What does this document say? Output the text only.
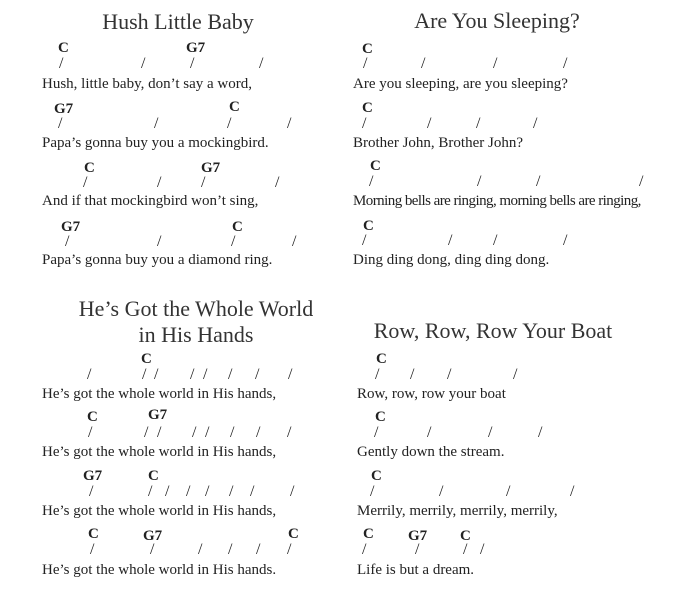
Hush Little Baby
C	G7
/	/	/	/
Hush, little baby, don’t say a word,
G7	C
/	/	/	/
Papa’s gonna buy you a mockingbird.
C	G7
/	/ /	/
And if that mockingbird won’t sing,
G7	C
/	/	/	/
Papa’s gonna buy you a diamond ring.
Are You Sleeping?
C
/	/	/	/
Are you sleeping, are you sleeping?
C
/	/	/	/
Brother John, Brother John?
C
/	/	/	/
Morning bells are ringing, morning bells are ringing,
C
/	/	/	/
Ding ding dong, ding ding dong.
He’s Got the Whole World
in His Hands
C
/	/ / / / / / /
He’s got the whole world in His hands,
C	G7
/	/ / / / / / /
He’s got the whole world in His hands,
G7	C
/	/ / / / / / /
He’s got the whole world in His hands,
C	G7	C
/	/	/ / / /
He’s got the whole world in His hands.
Row, Row, Row Your Boat
C
/ / /	/
Row, row, row your boat
C
/	/	/	/
Gently down the stream.
C
/	/	/	/
Merrily, merrily, merrily, merrily,
C G7 C
/	/	/ /
Life is but a dream.
